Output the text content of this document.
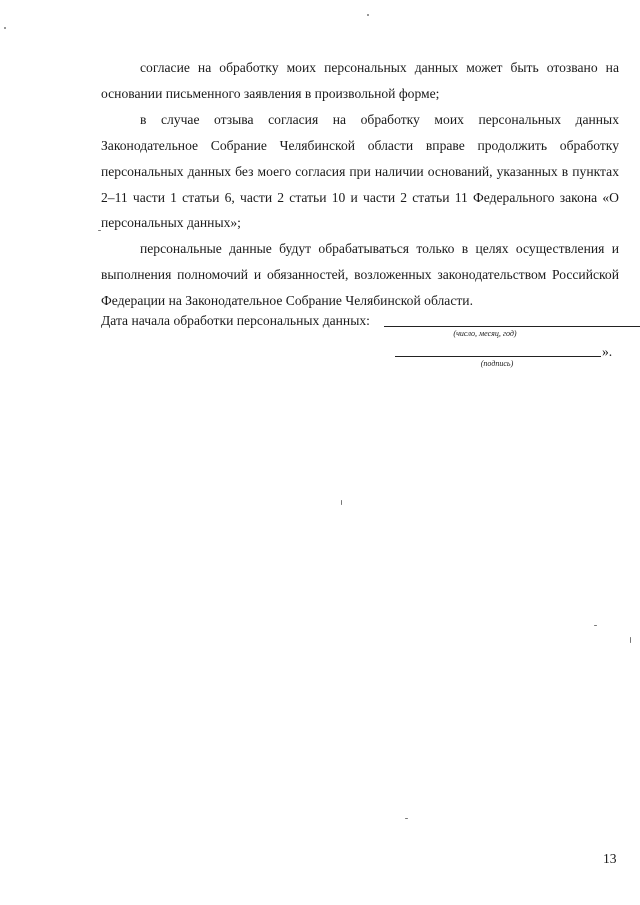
согласие на обработку моих персональных данных может быть отозвано на основании письменного заявления в произвольной форме;

в случае отзыва согласия на обработку моих персональных данных Законодательное Собрание Челябинской области вправе продолжить обработку персональных данных без моего согласия при наличии оснований, указанных в пунктах 2–11 части 1 статьи 6, части 2 статьи 10 и части 2 статьи 11 Федерального закона «О персональных данных»;

персональные данные будут обрабатываться только в целях осуществления и выполнения полномочий и обязанностей, возложенных законодательством Российской Федерации на Законодательное Собрание Челябинской области.

Дата начала обработки персональных данных:
(число, месяц, год)
».
(подпись)
13
